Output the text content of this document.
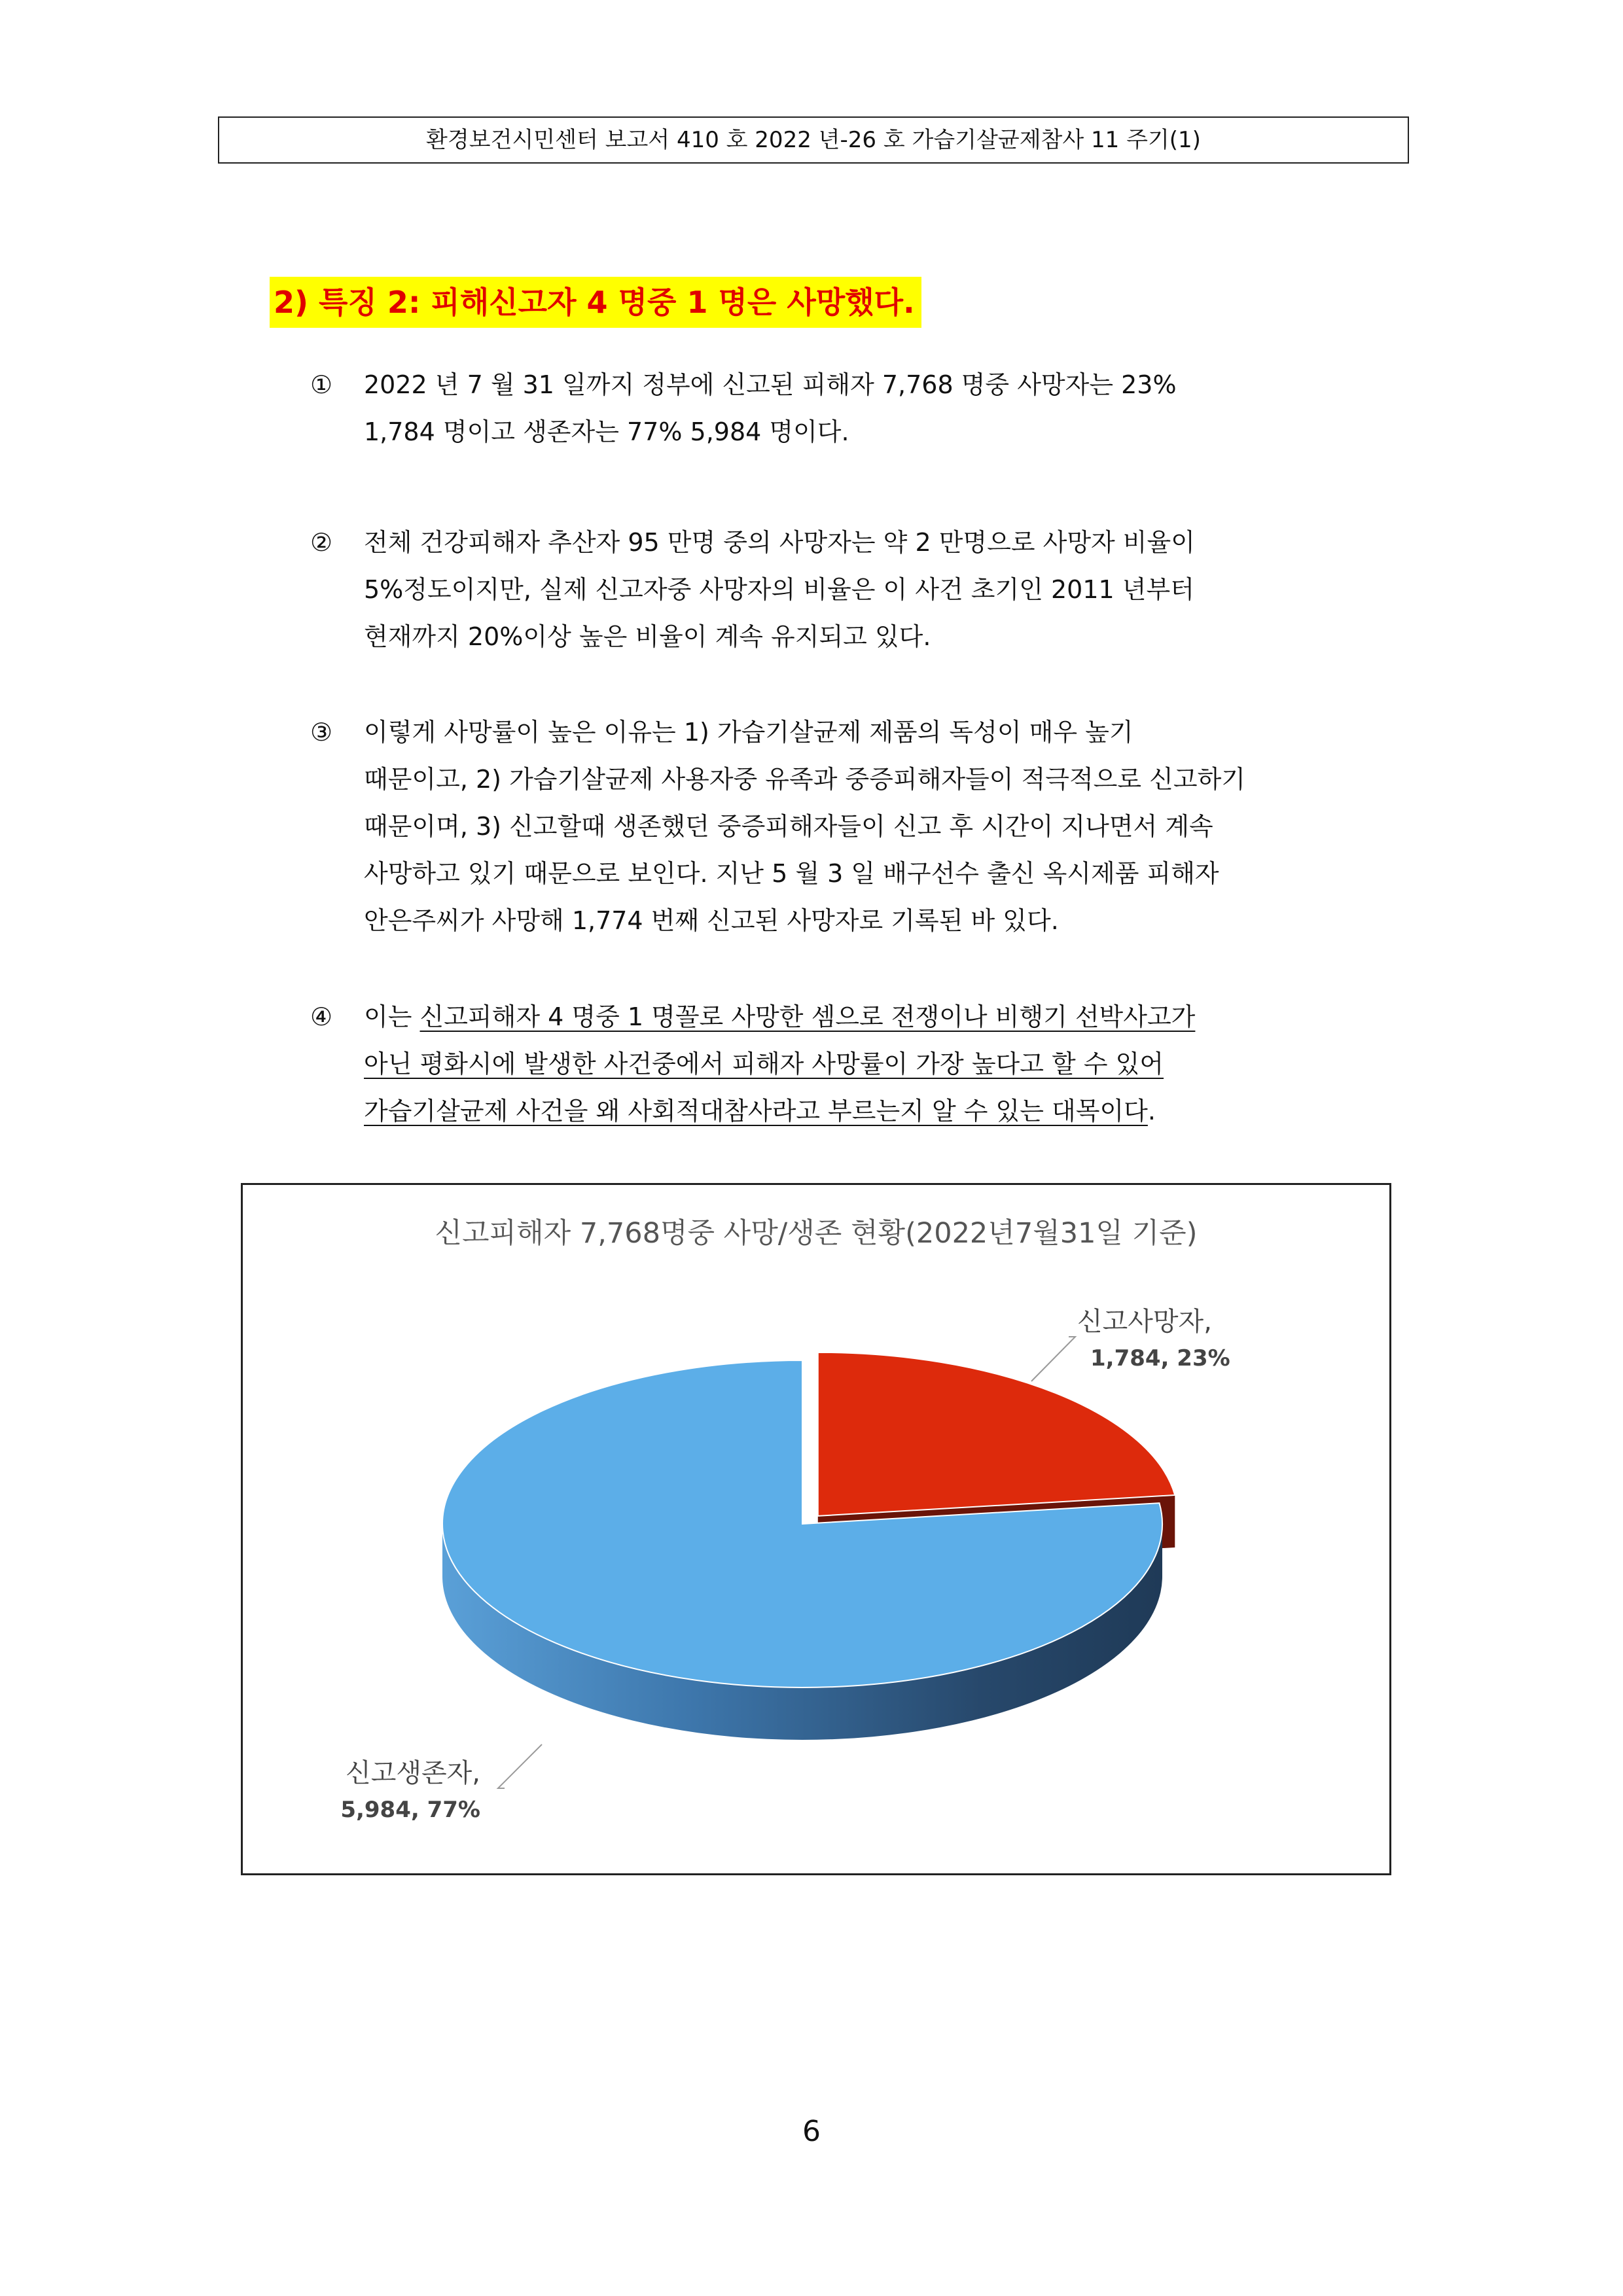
환경보건시민센터 보고서 410 호 2022 년-26 호 가습기살균제참사 11 주기(1)
2) 특징 2: 피해신고자 4 명중 1 명은 사망했다.
① 2022 년 7 월 31 일까지 정부에 신고된 피해자 7,768 명중 사망자는 23%
1,784 명이고 생존자는 77% 5,984 명이다.
② 전체 건강피해자 추산자 95 만명 중의 사망자는 약 2 만명으로 사망자 비율이
5%정도이지만, 실제 신고자중 사망자의 비율은 이 사건 초기인 2011 년부터
현재까지 20%이상 높은 비율이 계속 유지되고 있다.
③ 이렇게 사망률이 높은 이유는 1) 가습기살균제 제품의 독성이 매우 높기
때문이고, 2) 가습기살균제 사용자중 유족과 중증피해자들이 적극적으로 신고하기
때문이며, 3) 신고할때 생존했던 중증피해자들이 신고 후 시간이 지나면서 계속
사망하고 있기 때문으로 보인다. 지난 5 월 3 일 배구선수 출신 옥시제품 피해자
안은주씨가 사망해 1,774 번째 신고된 사망자로 기록된 바 있다.
④ 이는 신고피해자 4 명중 1 명꼴로 사망한 셈으로 전쟁이나 비행기 선박사고가
아닌 평화시에 발생한 사건중에서 피해자 사망률이 가장 높다고 할 수 있어
가습기살균제 사건을 왜 사회적대참사라고 부르는지 알 수 있는 대목이다.
신고피해자 7,768명중 사망/생존 현황(2022년7월31일 기준)
신고사망자,
1,784, 23%
신고생존자,
5,984, 77%
6
